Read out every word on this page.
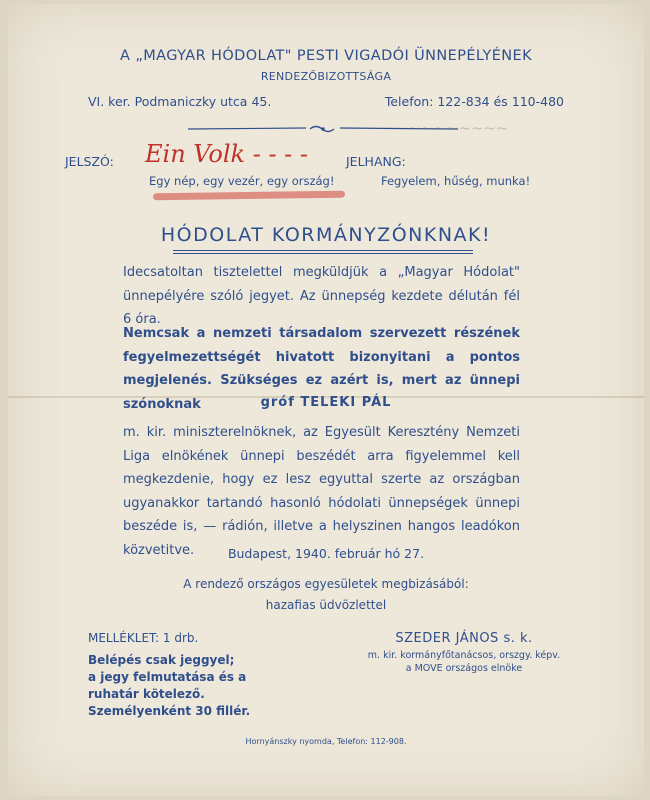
A „MAGYAR HÓDOLAT" PESTI VIGADÓI ÜNNEPÉLYÉNEK
RENDEZŐBIZOTTSÁGA
VI. ker. Podmaniczky utca 45.	Telefon: 122-834 és 110-480
JELSZÓ: Ein Volk - - - -	JELHANG:
Egy nép, egy vezér, egy ország!	Fegyelem, hűség, munka!
~~~~~~~~
HÓDOLAT KORMÁNYZÓNKNAK!
Idecsatoltan tisztelettel megküldjük a „Magyar Hódolat" ünnepélyére szóló jegyet. Az ünnepség kezdete délután fél 6 óra.
Nemcsak a nemzeti társadalom szervezett részének fegyelmezettségét hivatott bizonyitani a pontos megjelenés. Szükséges ez azért is, mert az ünnepi szónoknak	gróf TELEKI PÁL
m. kir. miniszterelnöknek, az Egyesült Keresztény Nemzeti Liga elnökének ünnepi beszédét arra figyelemmel kell megkezdenie, hogy ez lesz egyuttal szerte az országban ugyanakkor tartandó hasonló hódolati ünnepségek ünnepi beszéde is, — rádión, illetve a helyszinen hangos leadókon közvetitve.	Budapest, 1940. február hó 27.
A rendező országos egyesületek megbizásából:
hazafias üdvözlettel
MELLÉKLET: 1 drb.
Belépés csak jeggyel;
a jegy felmutatása és a
ruhatár kötelező.
Személyenként 30 fillér.
SZEDER JÁNOS s. k.
m. kir. kormányfőtanácsos, orszgy. képv.
a MOVE országos elnöke
Hornyánszky nyomda, Telefon: 112-908.
